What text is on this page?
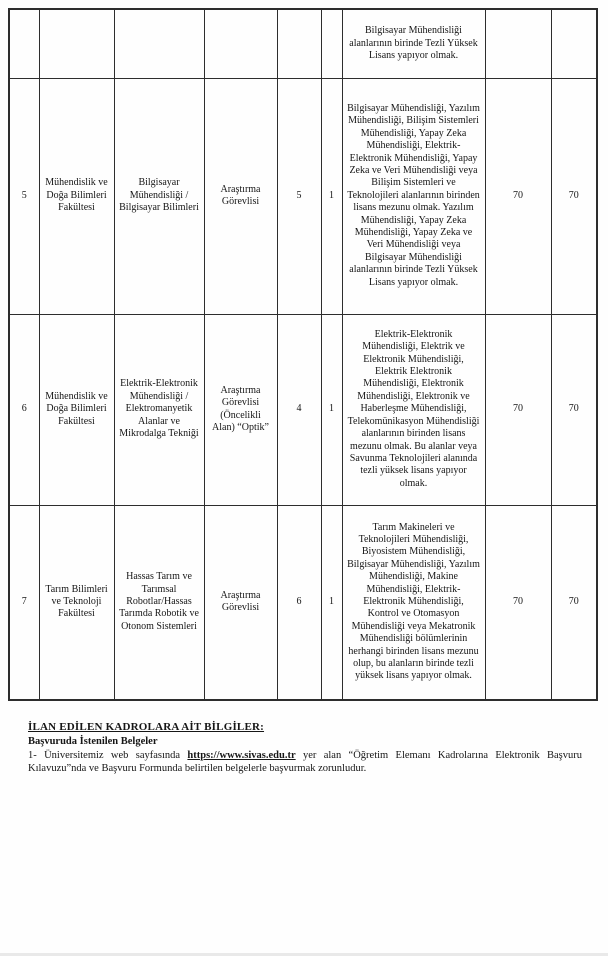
						Bilgisayar Mühendisliği alanlarının birinde Tezli Yüksek Lisans yapıyor olmak.		
5	Mühendislik ve Doğa Bilimleri Fakültesi	Bilgisayar Mühendisliği / Bilgisayar Bilimleri	Araştırma Görevlisi	5	1	Bilgisayar Mühendisliği, Yazılım Mühendisliği, Bilişim Sistemleri Mühendisliği, Yapay Zeka Mühendisliği, Elektrik-Elektronik Mühendisliği, Yapay Zeka ve Veri Mühendisliği veya Bilişim Sistemleri ve Teknolojileri alanlarının birinden lisans mezunu olmak. Yazılım Mühendisliği, Yapay Zeka Mühendisliği, Yapay Zeka ve Veri Mühendisliği veya Bilgisayar Mühendisliği alanlarının birinde Tezli Yüksek Lisans yapıyor olmak.	70	70
6	Mühendislik ve Doğa Bilimleri Fakültesi	Elektrik-Elektronik Mühendisliği / Elektromanyetik Alanlar ve Mikrodalga Tekniği	Araştırma Görevlisi (Öncelikli Alan) “Optik”	4	1	Elektrik-Elektronik Mühendisliği, Elektrik ve Elektronik Mühendisliği, Elektrik Elektronik Mühendisliği, Elektronik Mühendisliği, Elektronik ve Haberleşme Mühendisliği, Telekomünikasyon Mühendisliği alanlarının birinden lisans mezunu olmak. Bu alanlar veya Savunma Teknolojileri alanında tezli yüksek lisans yapıyor olmak.	70	70
7	Tarım Bilimleri ve Teknoloji Fakültesi	Hassas Tarım ve Tarımsal Robotlar/Hassas Tarımda Robotik ve Otonom Sistemleri	Araştırma Görevlisi	6	1	Tarım Makineleri ve Teknolojileri Mühendisliği, Biyosistem Mühendisliği, Bilgisayar Mühendisliği, Yazılım Mühendisliği, Makine Mühendisliği, Elektrik-Elektronik Mühendisliği, Kontrol ve Otomasyon Mühendisliği veya Mekatronik Mühendisliği bölümlerinin herhangi birinden lisans mezunu olup, bu alanların birinde tezli yüksek lisans yapıyor olmak.	70	70
İLAN EDİLEN KADROLARA AİT BİLGİLER:
Başvuruda İstenilen Belgeler

1- Üniversitemiz web sayfasında https://www.sivas.edu.tr yer alan “Öğretim Elemanı Kadrolarına Elektronik Başvuru Kılavuzu”nda ve Başvuru Formunda belirtilen belgelerle başvurmak zorunludur.
